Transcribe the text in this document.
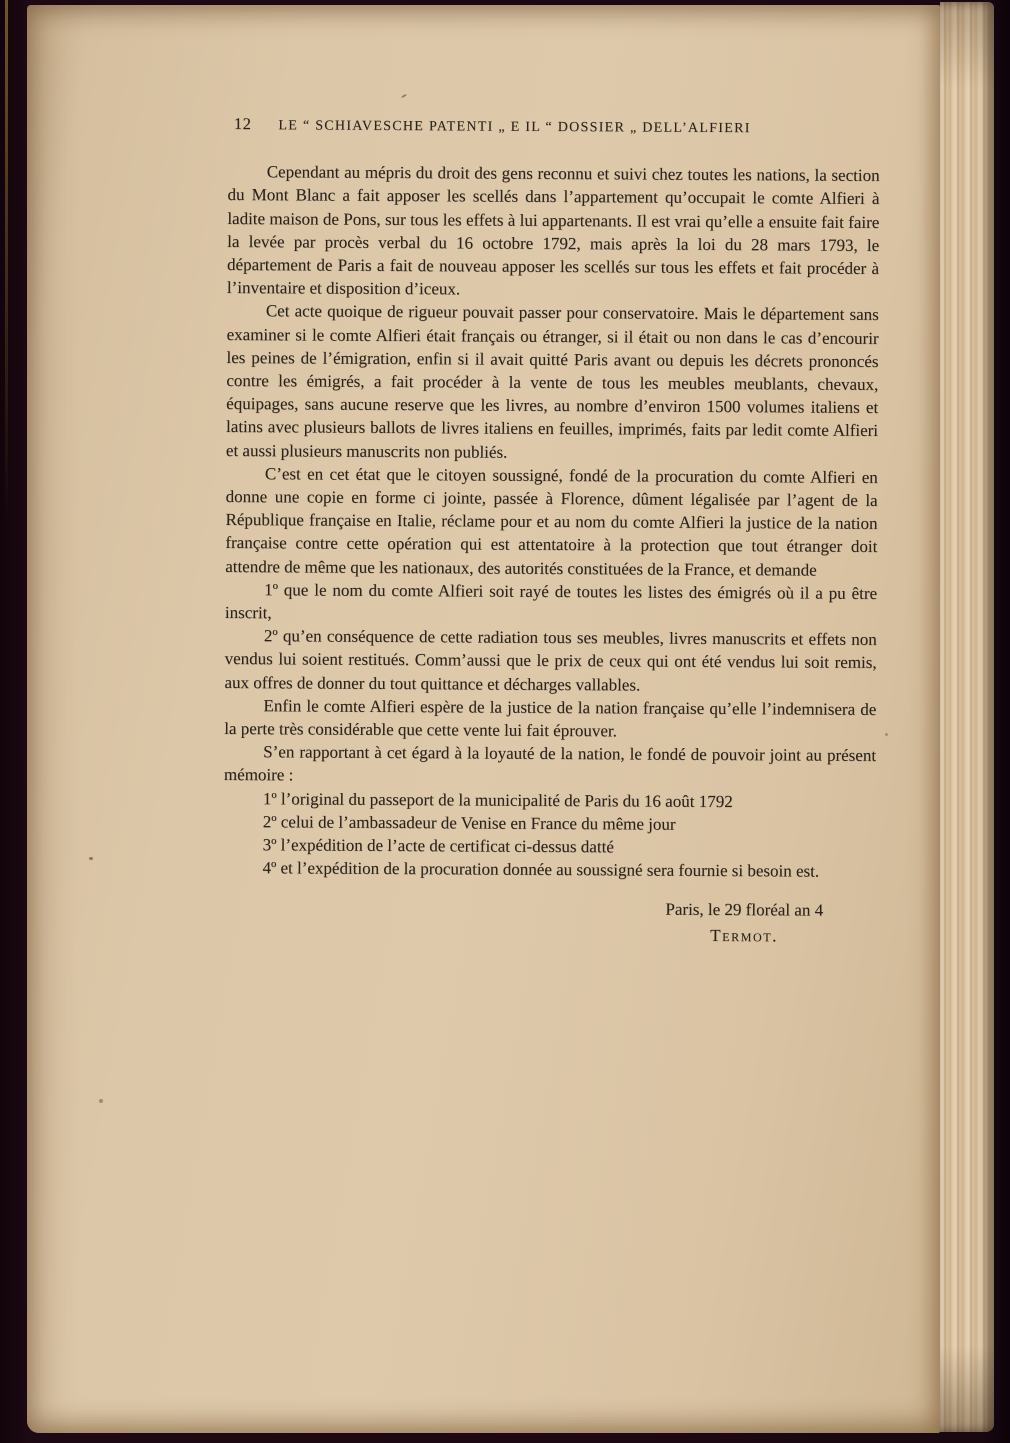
12 LE “ SCHIAVESCHE PATENTI „ E IL “ DOSSIER „ DELL’ALFIERI

Cependant au mépris du droit des gens reconnu et suivi chez toutes les nations, la section du Mont Blanc a fait apposer les scellés dans l’appartement qu’occupait le comte Alfieri à ladite maison de Pons, sur tous les effets à lui appartenants. Il est vrai qu’elle a ensuite fait faire la levée par procès verbal du 16 octobre 1792, mais après la loi du 28 mars 1793, le département de Paris a fait de nouveau apposer les scellés sur tous les effets et fait procéder à l’inventaire et disposition d’iceux.

Cet acte quoique de rigueur pouvait passer pour conservatoire. Mais le département sans examiner si le comte Alfieri était français ou étranger, si il était ou non dans le cas d’encourir les peines de l’émigration, enfin si il avait quitté Paris avant ou depuis les décrets prononcés contre les émigrés, a fait procéder à la vente de tous les meubles meublants, chevaux, équipages, sans aucune reserve que les livres, au nombre d’environ 1500 volumes italiens et latins avec plusieurs ballots de livres italiens en feuilles, imprimés, faits par ledit comte Alfieri et aussi plusieurs manuscrits non publiés.

C’est en cet état que le citoyen soussigné, fondé de la procuration du comte Alfieri en donne une copie en forme ci jointe, passée à Florence, dûment légalisée par l’agent de la République française en Italie, réclame pour et au nom du comte Alfieri la justice de la nation française contre cette opération qui est attentatoire à la protection que tout étranger doit attendre de même que les nationaux, des autorités constituées de la France, et demande

1º que le nom du comte Alfieri soit rayé de toutes les listes des émigrés où il a pu être inscrit,

2º qu’en conséquence de cette radiation tous ses meubles, livres manuscrits et effets non vendus lui soient restitués. Comm’aussi que le prix de ceux qui ont été vendus lui soit remis, aux offres de donner du tout quittance et décharges vallables.

Enfin le comte Alfieri espère de la justice de la nation française qu’elle l’indemnisera de la perte très considérable que cette vente lui fait éprouver.

S’en rapportant à cet égard à la loyauté de la nation, le fondé de pouvoir joint au présent mémoire :

1º l’original du passeport de la municipalité de Paris du 16 août 1792

2º celui de l’ambassadeur de Venise en France du même jour

3º l’expédition de l’acte de certificat ci-dessus datté

4º et l’expédition de la procuration donnée au soussigné sera fournie si besoin est.

Paris, le 29 floréal an 4
Termot.
